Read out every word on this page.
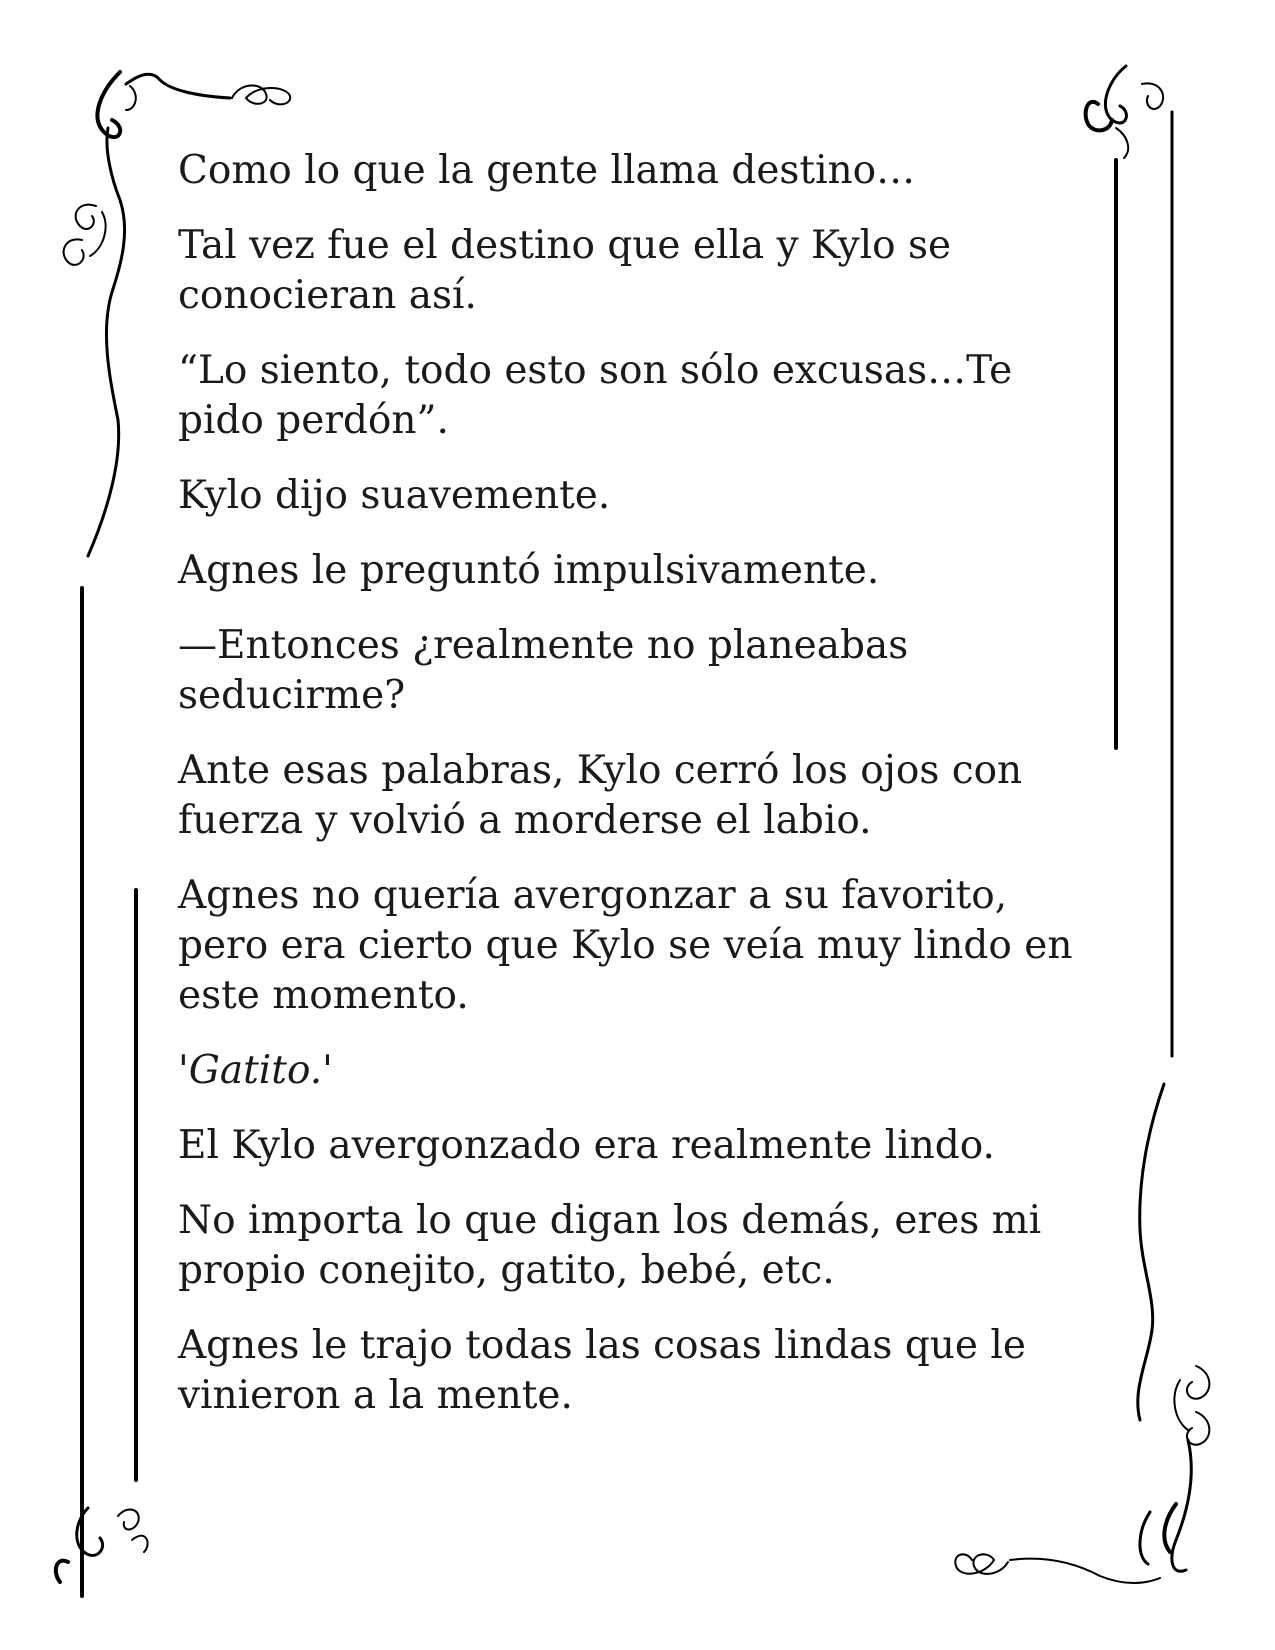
Como lo que la gente llama destino…

Tal vez fue el destino que ella y Kylo se conocieran así.

“Lo siento, todo esto son sólo excusas…Te pido perdón”.

Kylo dijo suavemente.

Agnes le preguntó impulsivamente.

—Entonces ¿realmente no planeabas seducirme?

Ante esas palabras, Kylo cerró los ojos con fuerza y volvió a morderse el labio.

Agnes no quería avergonzar a su favorito, pero era cierto que Kylo se veía muy lindo en este momento.

'Gatito.'

El Kylo avergonzado era realmente lindo.

No importa lo que digan los demás, eres mi propio conejito, gatito, bebé, etc.

Agnes le trajo todas las cosas lindas que le vinieron a la mente.
